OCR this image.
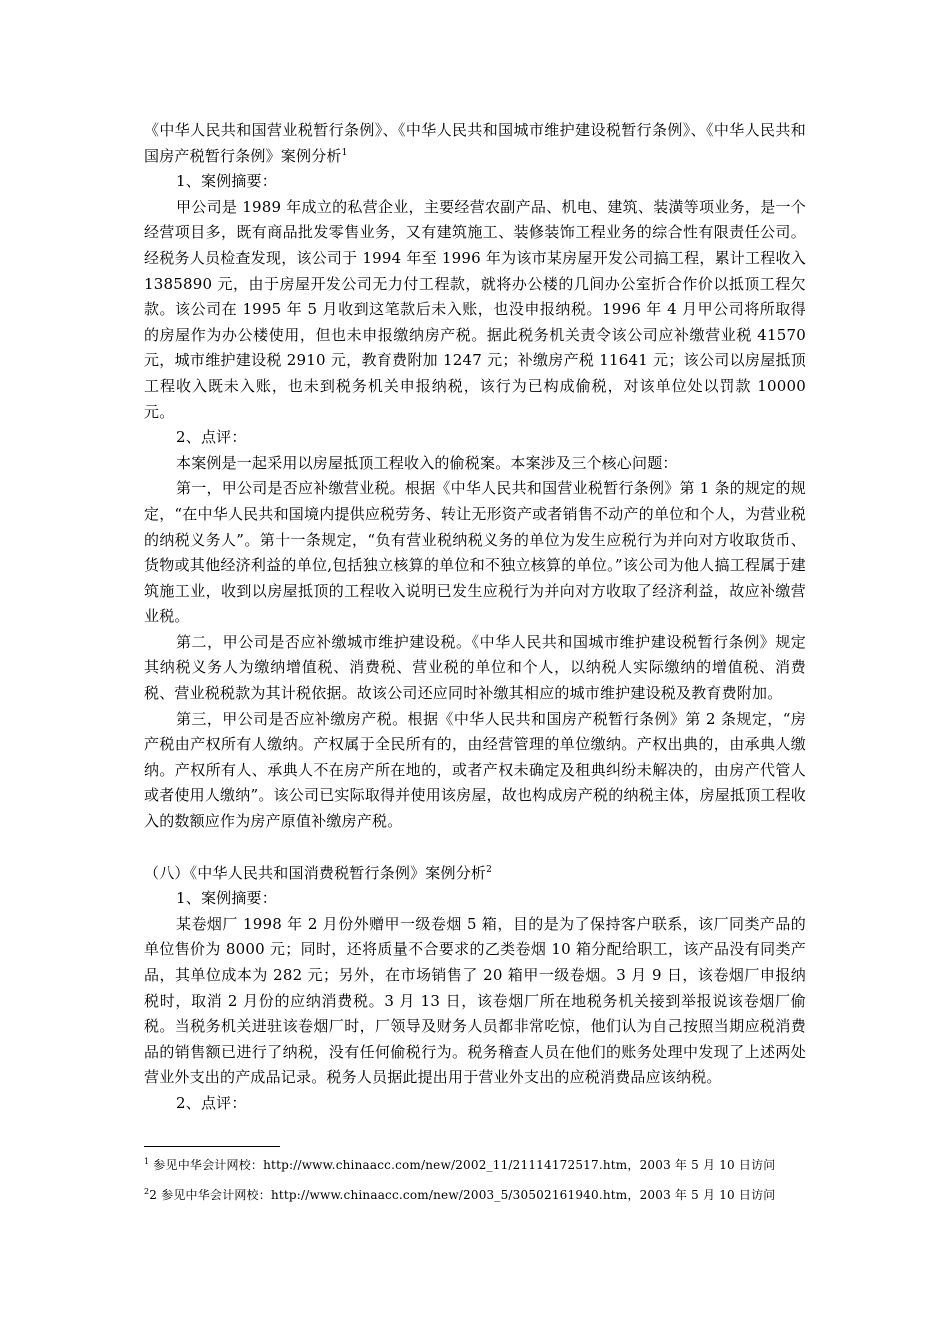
《中华人民共和国营业税暂行条例》、《中华人民共和国城市维护建设税暂行条例》、《中华人民共和国房产税暂行条例》案例分析$^1$

1、案例摘要：

甲公司是 1989 年成立的私营企业，主要经营农副产品、机电、建筑、装潢等项业务，是一个经营项目多，既有商品批发零售业务，又有建筑施工、装修装饰工程业务的综合性有限责任公司。经税务人员检查发现，该公司于 1994 年至 1996 年为该市某房屋开发公司搞工程，累计工程收入 1385890 元，由于房屋开发公司无力付工程款，就将办公楼的几间办公室折合作价以抵顶工程欠款。该公司在 1995 年 5 月收到这笔款后未入账，也没申报纳税。1996 年 4 月甲公司将所取得的房屋作为办公楼使用，但也未申报缴纳房产税。据此税务机关责令该公司应补缴营业税 41570 元，城市维护建设税 2910 元，教育费附加 1247 元；补缴房产税 11641 元；该公司以房屋抵顶工程收入既未入账，也未到税务机关申报纳税，该行为已构成偷税，对该单位处以罚款 10000 元。

2、点评：

本案例是一起采用以房屋抵顶工程收入的偷税案。本案涉及三个核心问题：

第一，甲公司是否应补缴营业税。根据《中华人民共和国营业税暂行条例》第 1 条的规定的规定，“在中华人民共和国境内提供应税劳务、转让无形资产或者销售不动产的单位和个人，为营业税的纳税义务人”。第十一条规定，“负有营业税纳税义务的单位为发生应税行为并向对方收取货币、货物或其他经济利益的单位,包括独立核算的单位和不独立核算的单位。”该公司为他人搞工程属于建筑施工业，收到以房屋抵顶的工程收入说明已发生应税行为并向对方收取了经济利益，故应补缴营业税。

第二，甲公司是否应补缴城市维护建设税。《中华人民共和国城市维护建设税暂行条例》规定其纳税义务人为缴纳增值税、消费税、营业税的单位和个人，以纳税人实际缴纳的增值税、消费税、营业税税款为其计税依据。故该公司还应同时补缴其相应的城市维护建设税及教育费附加。

第三，甲公司是否应补缴房产税。根据《中华人民共和国房产税暂行条例》第 2 条规定，“房产税由产权所有人缴纳。产权属于全民所有的，由经营管理的单位缴纳。产权出典的，由承典人缴纳。产权所有人、承典人不在房产所在地的，或者产权未确定及租典纠纷未解决的，由房产代管人或者使用人缴纳”。该公司已实际取得并使用该房屋，故也构成房产税的纳税主体，房屋抵顶工程收入的数额应作为房产原值补缴房产税。

（八）《中华人民共和国消费税暂行条例》案例分析$^2$

1、案例摘要：

某卷烟厂 1998 年 2 月份外赠甲一级卷烟 5 箱，目的是为了保持客户联系，该厂同类产品的单位售价为 8000 元；同时，还将质量不合要求的乙类卷烟 10 箱分配给职工，该产品没有同类产品，其单位成本为 282 元；另外，在市场销售了 20 箱甲一级卷烟。3 月 9 日，该卷烟厂申报纳税时，取消 2 月份的应纳消费税。3 月 13 日，该卷烟厂所在地税务机关接到举报说该卷烟厂偷税。当税务机关进驻该卷烟厂时，厂领导及财务人员都非常吃惊，他们认为自己按照当期应税消费品的销售额已进行了纳税，没有任何偷税行为。税务稽查人员在他们的账务处理中发现了上述两处营业外支出的产成品记录。税务人员据此提出用于营业外支出的应税消费品应该纳税。

2、点评：

$^1$ 参见中华会计网校：http://www.chinaacc.com/new/2002_11/21114172517.htm，2003 年 5 月 10 日访问

$^2$2 参见中华会计网校：http://www.chinaacc.com/new/2003_5/30502161940.htm，2003 年 5 月 10 日访问
